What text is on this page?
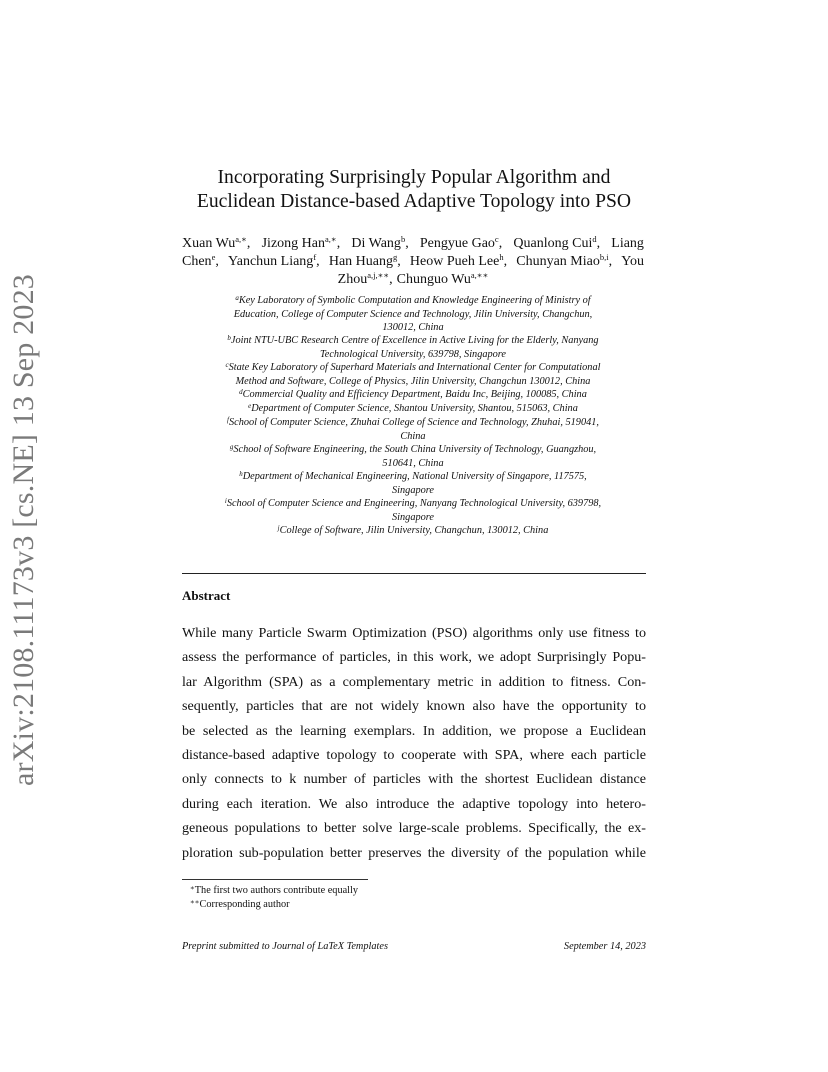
arXiv:2108.11173v3 [cs.NE] 13 Sep 2023
Incorporating Surprisingly Popular Algorithm and
Euclidean Distance-based Adaptive Topology into PSO
Xuan $Wu^{a,∗}$, Jizong Han$^{a,∗}$, Di Wang$^b$, Pengyue Gao$^c$, Quanlong Cui$^d$, Liang
Chen$^e$, Yanchun Liang$^f$, Han Huang$^g$, Heow Pueh Lee$^h$, Chunyan Miao$^{b,i}$, You
Zhou$^{a,j,∗∗}$, Chunguo $Wu^{a,∗∗}$
$^a$Key Laboratory of Symbolic Computation and Knowledge Engineering of Ministry of
Education, College of Computer Science and Technology, Jilin University, Changchun,
130012, China
$^b$Joint NTU-UBC Research Centre of Excellence in Active Living for the Elderly, Nanyang
Technological University, 639798, Singapore
$^c$State Key Laboratory of Superhard Materials and International Center for Computational
Method and Software, College of Physics, Jilin University, Changchun 130012, China
$^d$Commercial Quality and Efficiency Department, Baidu Inc, Beijing, 100085, China
$^e$Department of Computer Science, Shantou University, Shantou, 515063, China
$^f$School of Computer Science, Zhuhai College of Science and Technology, Zhuhai, 519041,
China
$^g$School of Software Engineering, the South China University of Technology, Guangzhou,
510641, China
$^h$Department of Mechanical Engineering, National University of Singapore, 117575,
Singapore
$^i$School of Computer Science and Engineering, Nanyang Technological University, 639798,
Singapore
$^j$College of Software, Jilin University, Changchun, 130012, China
Abstract
While many Particle Swarm Optimization (PSO) algorithms only use fitness to
assess the performance of particles, in this work, we adopt Surprisingly Popu-
lar Algorithm (SPA) as a complementary metric in addition to fitness. Con-
sequently, particles that are not widely known also have the opportunity to
be selected as the learning exemplars. In addition, we propose a Euclidean
distance-based adaptive topology to cooperate with SPA, where each particle
only connects to k number of particles with the shortest Euclidean distance
during each iteration. We also introduce the adaptive topology into hetero-
geneous populations to better solve large-scale problems. Specifically, the ex-
ploration sub-population better preserves the diversity of the population while
∗The first two authors contribute equally
∗∗Corresponding author
Preprint submitted to Journal of LaTeX Templates	September 14, 2023
